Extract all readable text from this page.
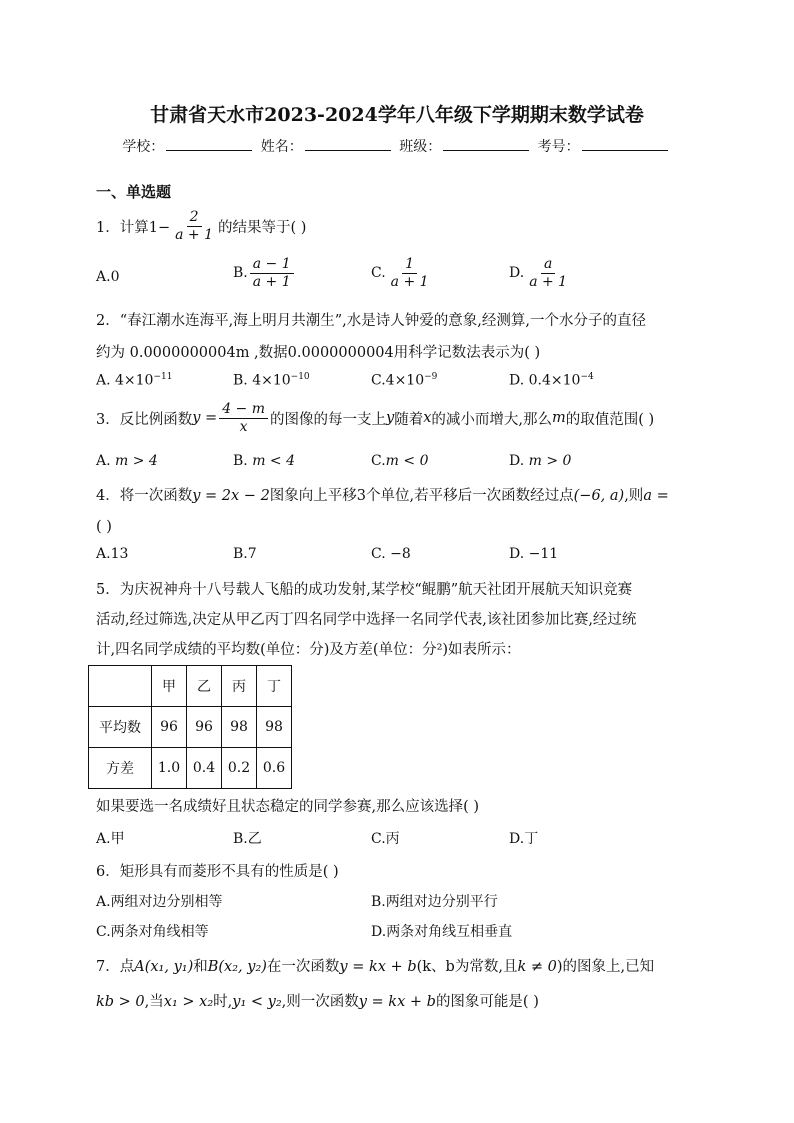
甘肃省天水市2023-2024学年八年级下学期期末数学试卷
学校：	姓名：	班级：	考号：
一、单选题
1． 计算$1- \frac{2}{a + 1}$ 的结果等于( )
A.0	B. $\frac{a - 1}{a + 1}$	C. $\frac{1}{a + 1}$	D. $\frac{a}{a + 1}$
2．“春江潮水连海平,海上明月共潮生”,水是诗人钟爱的意象,经测算,一个水分子的直径
约为 0.0000000004m ,数据0.0000000004用科学记数法表示为( )
A. $4\times 10^{-11}$	B. $4\times 10^{-10}$	$C.4\times 10^{-9}$	D. $0.4\times 10^{-4}$
3． 反比例函数 $y = \frac{4 - m}{x}$ 的图像的每一支上 y 随着 x 的减小而增大,那么 m 的取值范围( )
A. m > 4	B. m < 4	C.m < 0	D. m > 0
4．将一次函数y = 2x − 2图象向上平移3个单位,若平移后一次函数经过点(−6, a),则a =
( )
A.13	B.7	C. −8	D. −11
5．为庆祝神舟十八号载人飞船的成功发射,某学校“鲲鹏”航天社团开展航天知识竞赛
活动,经过筛选,决定从甲乙丙丁四名同学中选择一名同学代表,该社团参加比赛,经过统
计,四名同学成绩的平均数(单位：分)及方差(单位：分²)如表所示：
	甲	乙	丙	丁
平均数	96	96	98	98
方差	1.0	0.4	0.2	0.6
如果要选一名成绩好且状态稳定的同学参赛,那么应该选择( )
A.甲	B.乙	C.丙	D.丁
6．矩形具有而菱形不具有的性质是( )
A.两组对边分别相等	B.两组对边分别平行
C.两条对角线相等	D.两条对角线互相垂直
7．点A(x₁, y₁)和B(x₂, y₂)在一次函数y = kx + b(k、b为常数,且k ≠ 0)的图象上,已知
kb > 0,当x₁ > x₂时,y₁ < y₂,则一次函数y = kx + b的图象可能是( )
